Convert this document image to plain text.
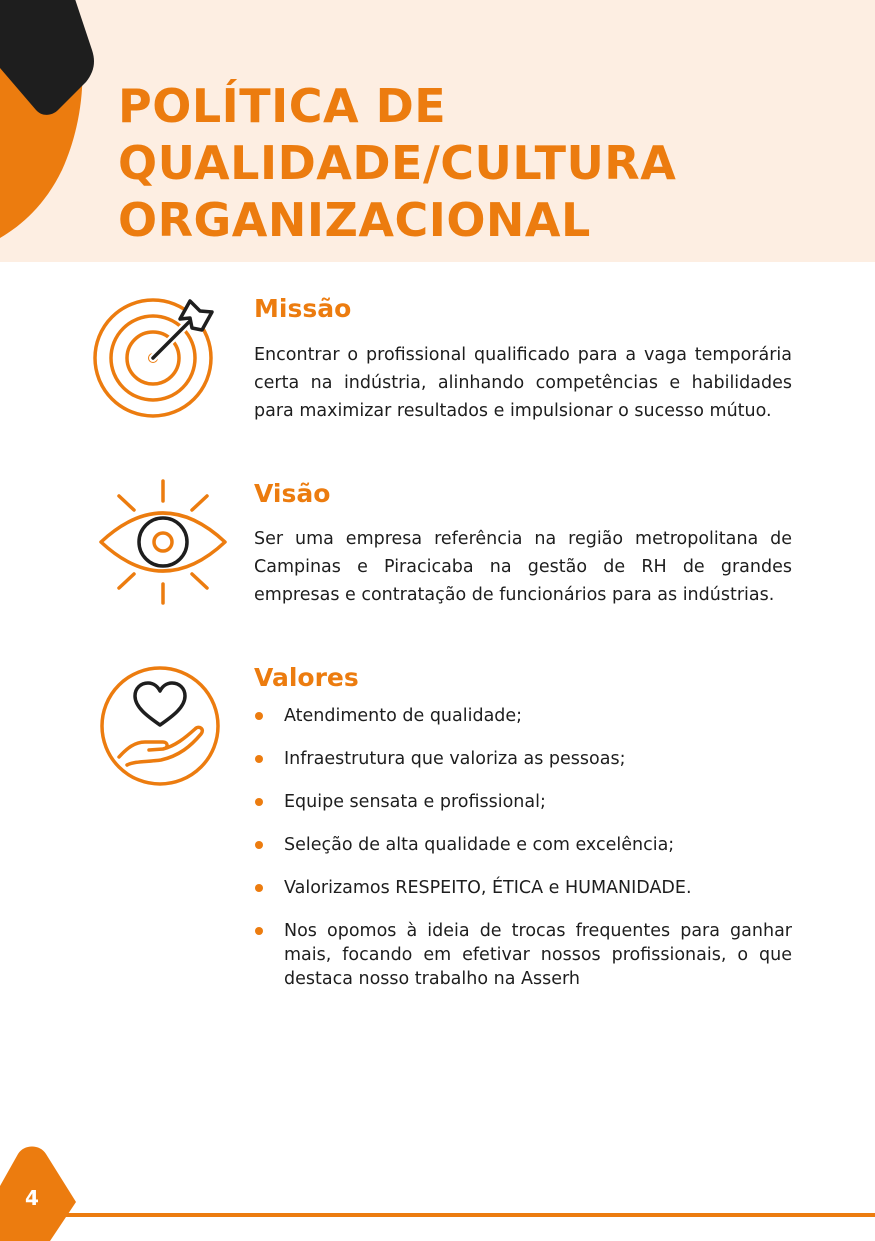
POLÍTICA DE
QUALIDADE/CULTURA
ORGANIZACIONAL
Missão

Encontrar o profissional qualificado para a vaga temporária certa na indústria, alinhando competências e habilidades para maximizar resultados e impulsionar o sucesso mútuo.

Visão

Ser uma empresa referência na região metropolitana de Campinas e Piracicaba na gestão de RH de grandes empresas e contratação de funcionários para as indústrias.

Valores
Atendimento de qualidade;
Infraestrutura que valoriza as pessoas;
Equipe sensata e profissional;
Seleção de alta qualidade e com excelência;
Valorizamos RESPEITO, ÉTICA e HUMANIDADE.
Nos opomos à ideia de trocas frequentes para ganhar mais, focando em efetivar nossos profissionais, o que destaca nosso trabalho na Asserh
4
